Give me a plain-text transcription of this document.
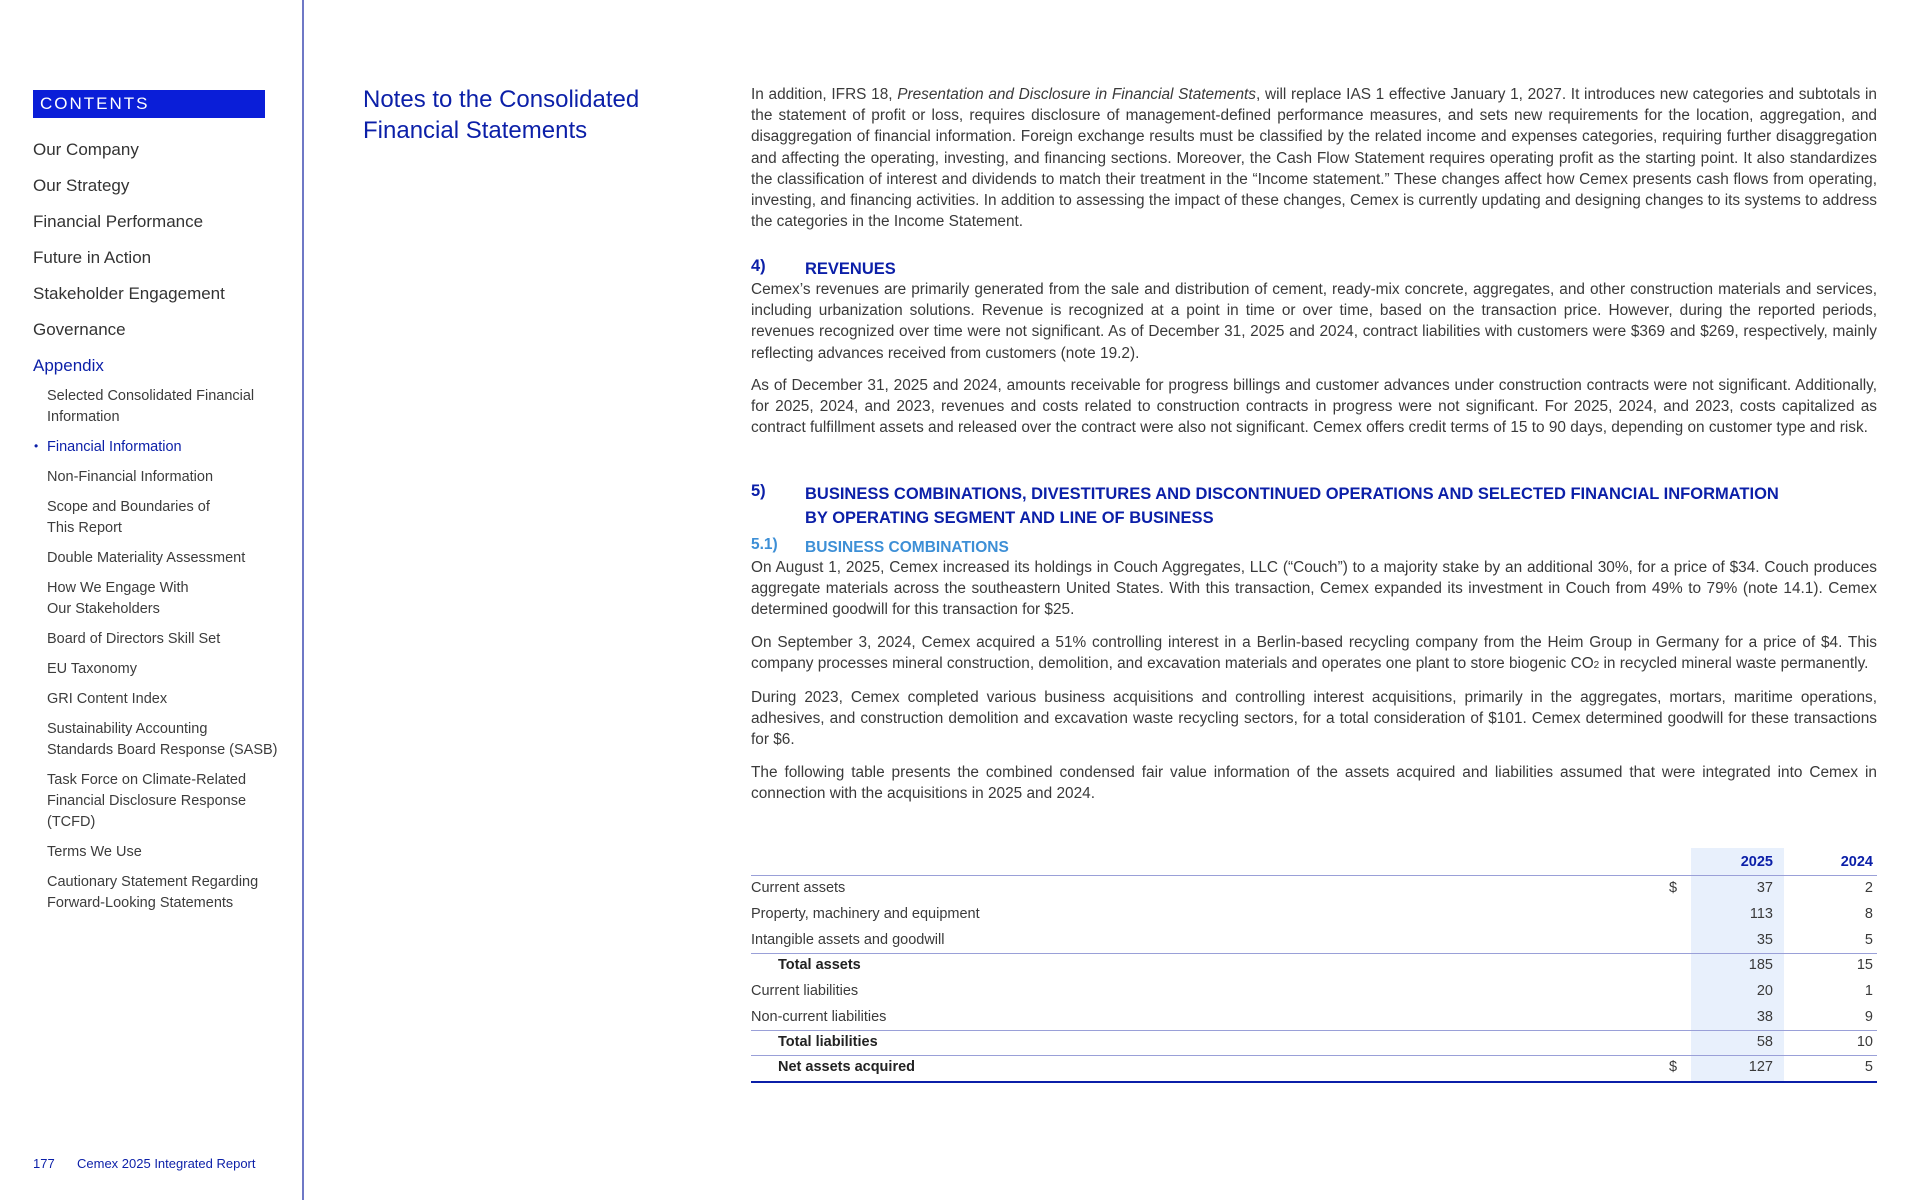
CONTENTS
Our Company
Our Strategy
Financial Performance
Future in Action
Stakeholder Engagement
Governance
Appendix
Selected Consolidated Financial
Information
• Financial Information
Non-Financial Information
Scope and Boundaries of
This Report
Double Materiality Assessment
How We Engage With
Our Stakeholders
Board of Directors Skill Set
EU Taxonomy
GRI Content Index
Sustainability Accounting
Standards Board Response (SASB)
Task Force on Climate-Related
Financial Disclosure Response
(TCFD)
Terms We Use
Cautionary Statement Regarding
Forward-Looking Statements
177 Cemex 2025 Integrated Report
Notes to the Consolidated
Financial Statements

In addition, IFRS 18, Presentation and Disclosure in Financial Statements, will replace IAS 1 effective January 1, 2027. It introduces new categories and subtotals in the statement of profit or loss, requires disclosure of management-defined performance measures, and sets new requirements for the location, aggregation, and disaggregation of financial information. Foreign exchange results must be classified by the related income and expenses categories, requiring further disaggregation and affecting the operating, investing, and financing sections. Moreover, the Cash Flow Statement requires operating profit as the starting point. It also standardizes the classification of interest and dividends to match their treatment in the “Income statement.” These changes affect how Cemex presents cash flows from operating, investing, and financing activities. In addition to assessing the impact of these changes, Cemex is currently updating and designing changes to its systems to address the categories in the Income Statement.

4) REVENUES

Cemex’s revenues are primarily generated from the sale and distribution of cement, ready-mix concrete, aggregates, and other construction materials and services, including urbanization solutions. Revenue is recognized at a point in time or over time, based on the transaction price. However, during the reported periods, revenues recognized over time were not significant. As of December 31, 2025 and 2024, contract liabilities with customers were $369 and $269, respectively, mainly reflecting advances received from customers (note 19.2).

As of December 31, 2025 and 2024, amounts receivable for progress billings and customer advances under construction contracts were not significant. Additionally, for 2025, 2024, and 2023, revenues and costs related to construction contracts in progress were not significant. For 2025, 2024, and 2023, costs capitalized as contract fulfillment assets and released over the contract were also not significant. Cemex offers credit terms of 15 to 90 days, depending on customer type and risk.

5) BUSINESS COMBINATIONS, DIVESTITURES AND DISCONTINUED OPERATIONS AND SELECTED FINANCIAL INFORMATION
BY OPERATING SEGMENT AND LINE OF BUSINESS
5.1) BUSINESS COMBINATIONS

On August 1, 2025, Cemex increased its holdings in Couch Aggregates, LLC (“Couch”) to a majority stake by an additional 30%, for a price of $34. Couch produces aggregate materials across the southeastern United States. With this transaction, Cemex expanded its investment in Couch from 49% to 79% (note 14.1). Cemex determined goodwill for this transaction for $25.

On September 3, 2024, Cemex acquired a 51% controlling interest in a Berlin-based recycling company from the Heim Group in Germany for a price of $4. This company processes mineral construction, demolition, and excavation materials and operates one plant to store biogenic CO2 in recycled mineral waste permanently.

During 2023, Cemex completed various business acquisitions and controlling interest acquisitions, primarily in the aggregates, mortars, maritime operations, adhesives, and construction demolition and excavation waste recycling sectors, for a total consideration of $101. Cemex determined goodwill for these transactions for $6.

The following table presents the combined condensed fair value information of the assets acquired and liabilities assumed that were integrated into Cemex in connection with the acquisitions in 2025 and 2024.

2025	2024
Current assets	$	37	2
Property, machinery and equipment	113	8
Intangible assets and goodwill	35	5
Total assets	185	15
Current liabilities	20	1
Non-current liabilities	38	9
Total liabilities	58	10
Net assets acquired	$	127	5
